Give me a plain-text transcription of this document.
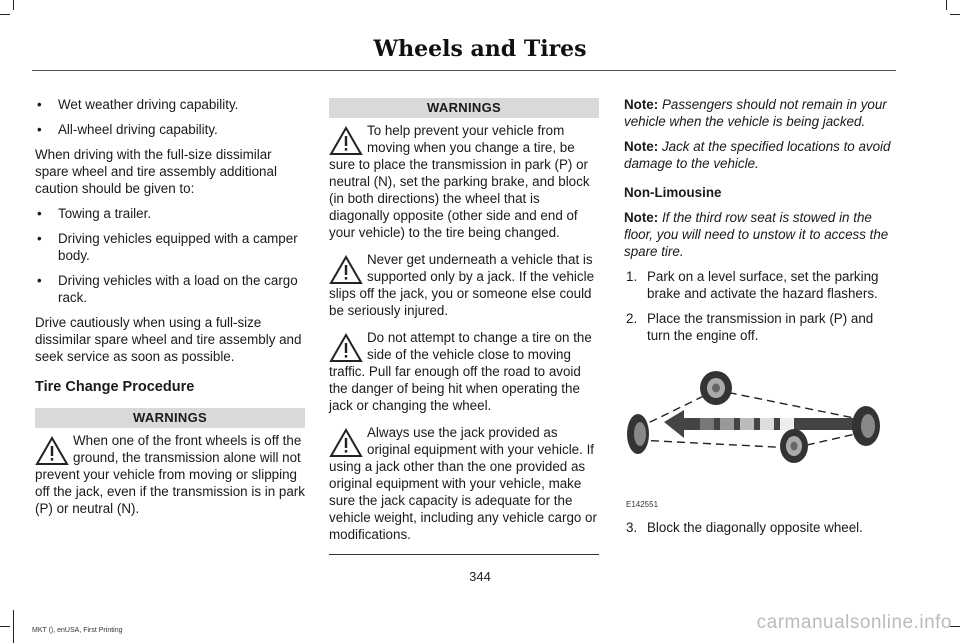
Wheels and Tires
• Wet weather driving capability.
• All-wheel driving capability.

When driving with the full-size dissimilar spare wheel and tire assembly additional caution should be given to:

• Towing a trailer.
• Driving vehicles equipped with a camper body.
• Driving vehicles with a load on the cargo rack.

Drive cautiously when using a full-size dissimilar spare wheel and tire assembly and seek service as soon as possible.

Tire Change Procedure
WARNINGS
When one of the front wheels is off the ground, the transmission alone will not prevent your vehicle from moving or slipping off the jack, even if the transmission is in park (P) or neutral (N).
WARNINGS
To help prevent your vehicle from moving when you change a tire, be sure to place the transmission in park (P) or neutral (N), set the parking brake, and block (in both directions) the wheel that is diagonally opposite (other side and end of your vehicle) to the tire being changed.
Never get underneath a vehicle that is supported only by a jack. If the vehicle slips off the jack, you or someone else could be seriously injured.
Do not attempt to change a tire on the side of the vehicle close to moving traffic. Pull far enough off the road to avoid the danger of being hit when operating the jack or changing the wheel.
Always use the jack provided as original equipment with your vehicle. If using a jack other than the one provided as original equipment with your vehicle, make sure the jack capacity is adequate for the vehicle weight, including any vehicle cargo or modifications.

Note: Passengers should not remain in your vehicle when the vehicle is being jacked.

Note: Jack at the specified locations to avoid damage to the vehicle.

Non-Limousine

Note: If the third row seat is stowed in the floor, you will need to unstow it to access the spare tire.

1. Park on a level surface, set the parking brake and activate the hazard flashers.
2. Place the transmission in park (P) and turn the engine off.
E142551
3. Block the diagonally opposite wheel.
344
MKT (), enUSA, First Printing	carmanualsonline.info
